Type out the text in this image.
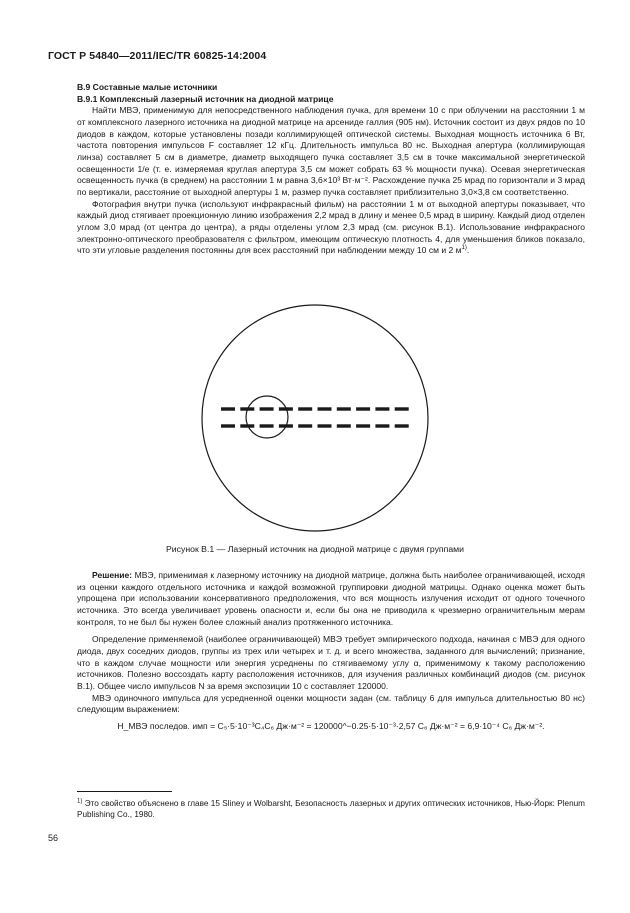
ГОСТ Р 54840—2011/IEC/TR 60825-14:2004
B.9 Составные малые источники
B.9.1 Комплексный лазерный источник на диодной матрице

Найти МВЭ, применимую для непосредственного наблюдения пучка, для времени 10 с при облучении на расстоянии 1 м от комплексного лазерного источника на диодной матрице на арсениде галлия (905 нм). Источник состоит из двух рядов по 10 диодов в каждом, которые установлены позади коллимирующей оптической системы. Выходная мощность источника 6 Вт, частота повторения импульсов F составляет 12 кГц. Длительность импульса 80 нс. Выходная апертура (коллимирующая линза) составляет 5 см в диаметре, диаметр выходящего пучка составляет 3,5 см в точке максимальной энергетической освещенности 1/e (т. е. измеряемая круглая апертура 3,5 см может собрать 63 % мощности пучка). Осевая энергетическая освещенность пучка (в среднем) на расстоянии 1 м равна 3,6×10³ Вт·м⁻². Расхождение пучка 25 мрад по горизонтали и 3 мрад по вертикали, расстояние от выходной апертуры 1 м, размер пучка составляет приблизительно 3,0×3,8 см соответственно.

Фотография внутри пучка (используют инфракрасный фильм) на расстоянии 1 м от выходной апертуры показывает, что каждый диод стягивает проекционную линию изображения 2,2 мрад в длину и менее 0,5 мрад в ширину. Каждый диод отделен углом 3,0 мрад (от центра до центра), а ряды отделены углом 2,3 мрад (см. рисунок B.1). Использование инфракрасного электронно-оптического преобразователя с фильтром, имеющим оптическую плотность 4, для уменьшения бликов показало, что эти угловые разделения постоянны для всех расстояний при наблюдении между 10 см и 2 $м^{1)}$.

Рисунок B.1 — Лазерный источник на диодной матрице с двумя группами

Решение: МВЭ, применимая к лазерному источнику на диодной матрице, должна быть наиболее ограничивающей, исходя из оценки каждого отдельного источника и каждой возможной группировки диодной матрицы. Однако оценка может быть упрощена при использовании консервативного предположения, что вся мощность излучения исходит от одного точечного источника. Это всегда увеличивает уровень опасности и, если бы она не приводила к чрезмерно ограничительным мерам контроля, то не был бы нужен более сложный анализ протяженного источника.

Определение применяемой (наиболее ограничивающей) МВЭ требует эмпирического подхода, начиная с МВЭ для одного диода, двух соседних диодов, группы из трех или четырех и т. д. и всего множества, заданного для вычислений; признание, что в каждом случае мощности или энергия усреднены по стягиваемому углу α, применимому к такому расположению источников. Полезно воссоздать карту расположения источников, для изучения различных комбинаций диодов (см. рисунок B.1). Общее число импульсов N за время экспозиции 10 с составляет 120000.

МВЭ одиночного импульса для усредненной оценки мощности задан (см. таблицу 6 для импульса длительностью 80 нс) следующим выражением:

H_МВЭ последов. имп = C₅·5·10⁻³C₄C₆ Дж·м⁻² = 120000^−0.25·5·10⁻³·2,57 C₆ Дж·м⁻² = 6,9·10⁻⁴ C₆ Дж·м⁻².
$^{1)}$ Это свойство объяснено в главе 15 Sliney и Wolbarsht, Безопасность лазерных и других оптических источников, Нью-Йорк: Plenum Publishing Co., 1980.
56
